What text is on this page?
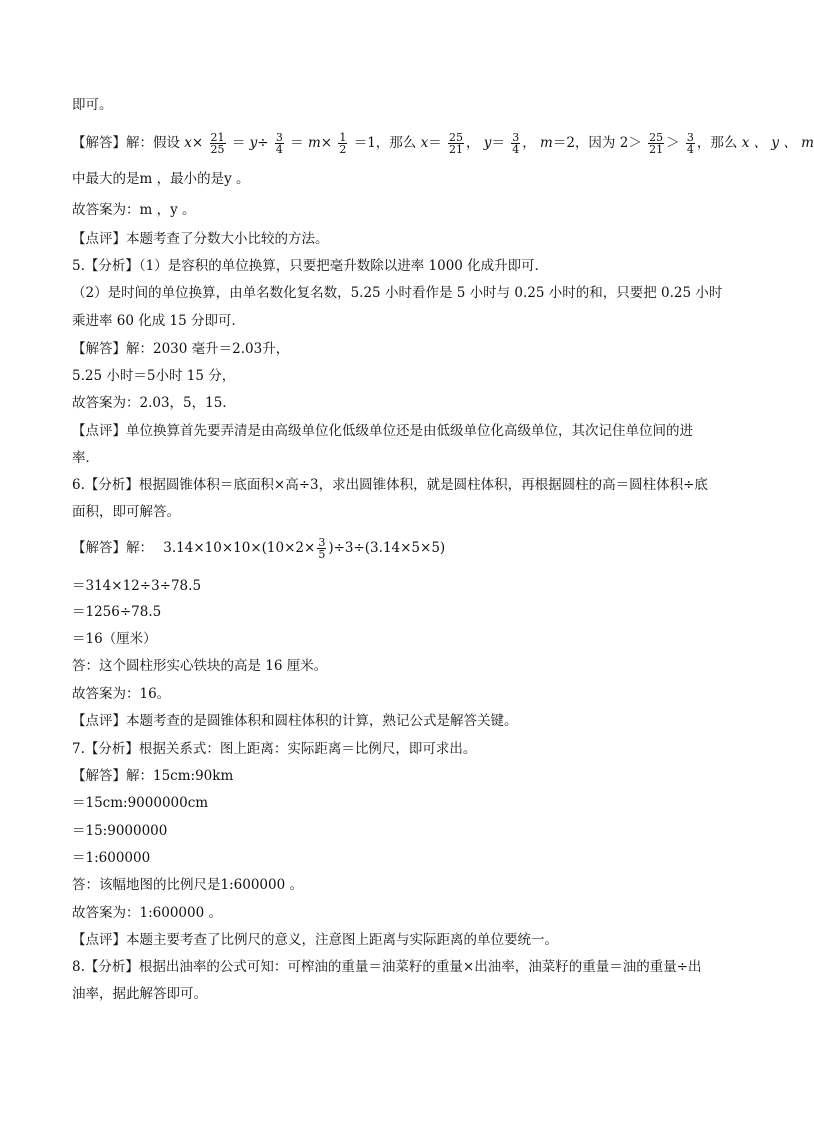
即可。
【解答】解：假设 $x\times \frac{21}{25} = y\div \frac{3}{4} = m\times \frac{1}{2} =1$，那么 $x= \frac{25}{21}$ ， $y= \frac{3}{4}$ ， m＝2，因为 $2> \frac{25}{21} > \frac{3}{4}$ ，那么 x 、 y 、 m
中最大的是m ，最小的是y 。
故答案为：m ，y 。
【点评】本题考查了分数大小比较的方法。
5.【分析】（1）是容积的单位换算，只要把毫升数除以进率 1000 化成升即可．
（2）是时间的单位换算，由单名数化复名数，5.25 小时看作是 5 小时与 0.25 小时的和，只要把 0.25 小时
乘进率 60 化成 15 分即可．
【解答】解：2030 毫升＝2.03升，
5.25 小时＝5小时 15 分，
故答案为：2.03，5，15．
【点评】单位换算首先要弄清是由高级单位化低级单位还是由低级单位化高级单位，其次记住单位间的进
率．
6.【分析】根据圆锥体积＝底面积×高÷3，求出圆锥体积，就是圆柱体积，再根据圆柱的高＝圆柱体积÷底
面积，即可解答。
【解答】解： $3.14\times 10\times 10\times(10\times 2\times \frac{3}{5} )\div 3\div(3.14\times 5\times 5)$
＝314×12÷3÷78.5
＝1256÷78.5
＝16（厘米）
答：这个圆柱形实心铁块的高是 16 厘米。
故答案为：16。
【点评】本题考查的是圆锥体积和圆柱体积的计算，熟记公式是解答关键。
7.【分析】根据关系式：图上距离：实际距离＝比例尺，即可求出。
【解答】解：15cm:90km
＝15cm:9000000cm
＝15:9000000
＝1:600000
答：该幅地图的比例尺是1:600000 。
故答案为：1:600000 。
【点评】本题主要考查了比例尺的意义，注意图上距离与实际距离的单位要统一。
8.【分析】根据出油率的公式可知：可榨油的重量＝油菜籽的重量×出油率，油菜籽的重量＝油的重量÷出
油率，据此解答即可。
